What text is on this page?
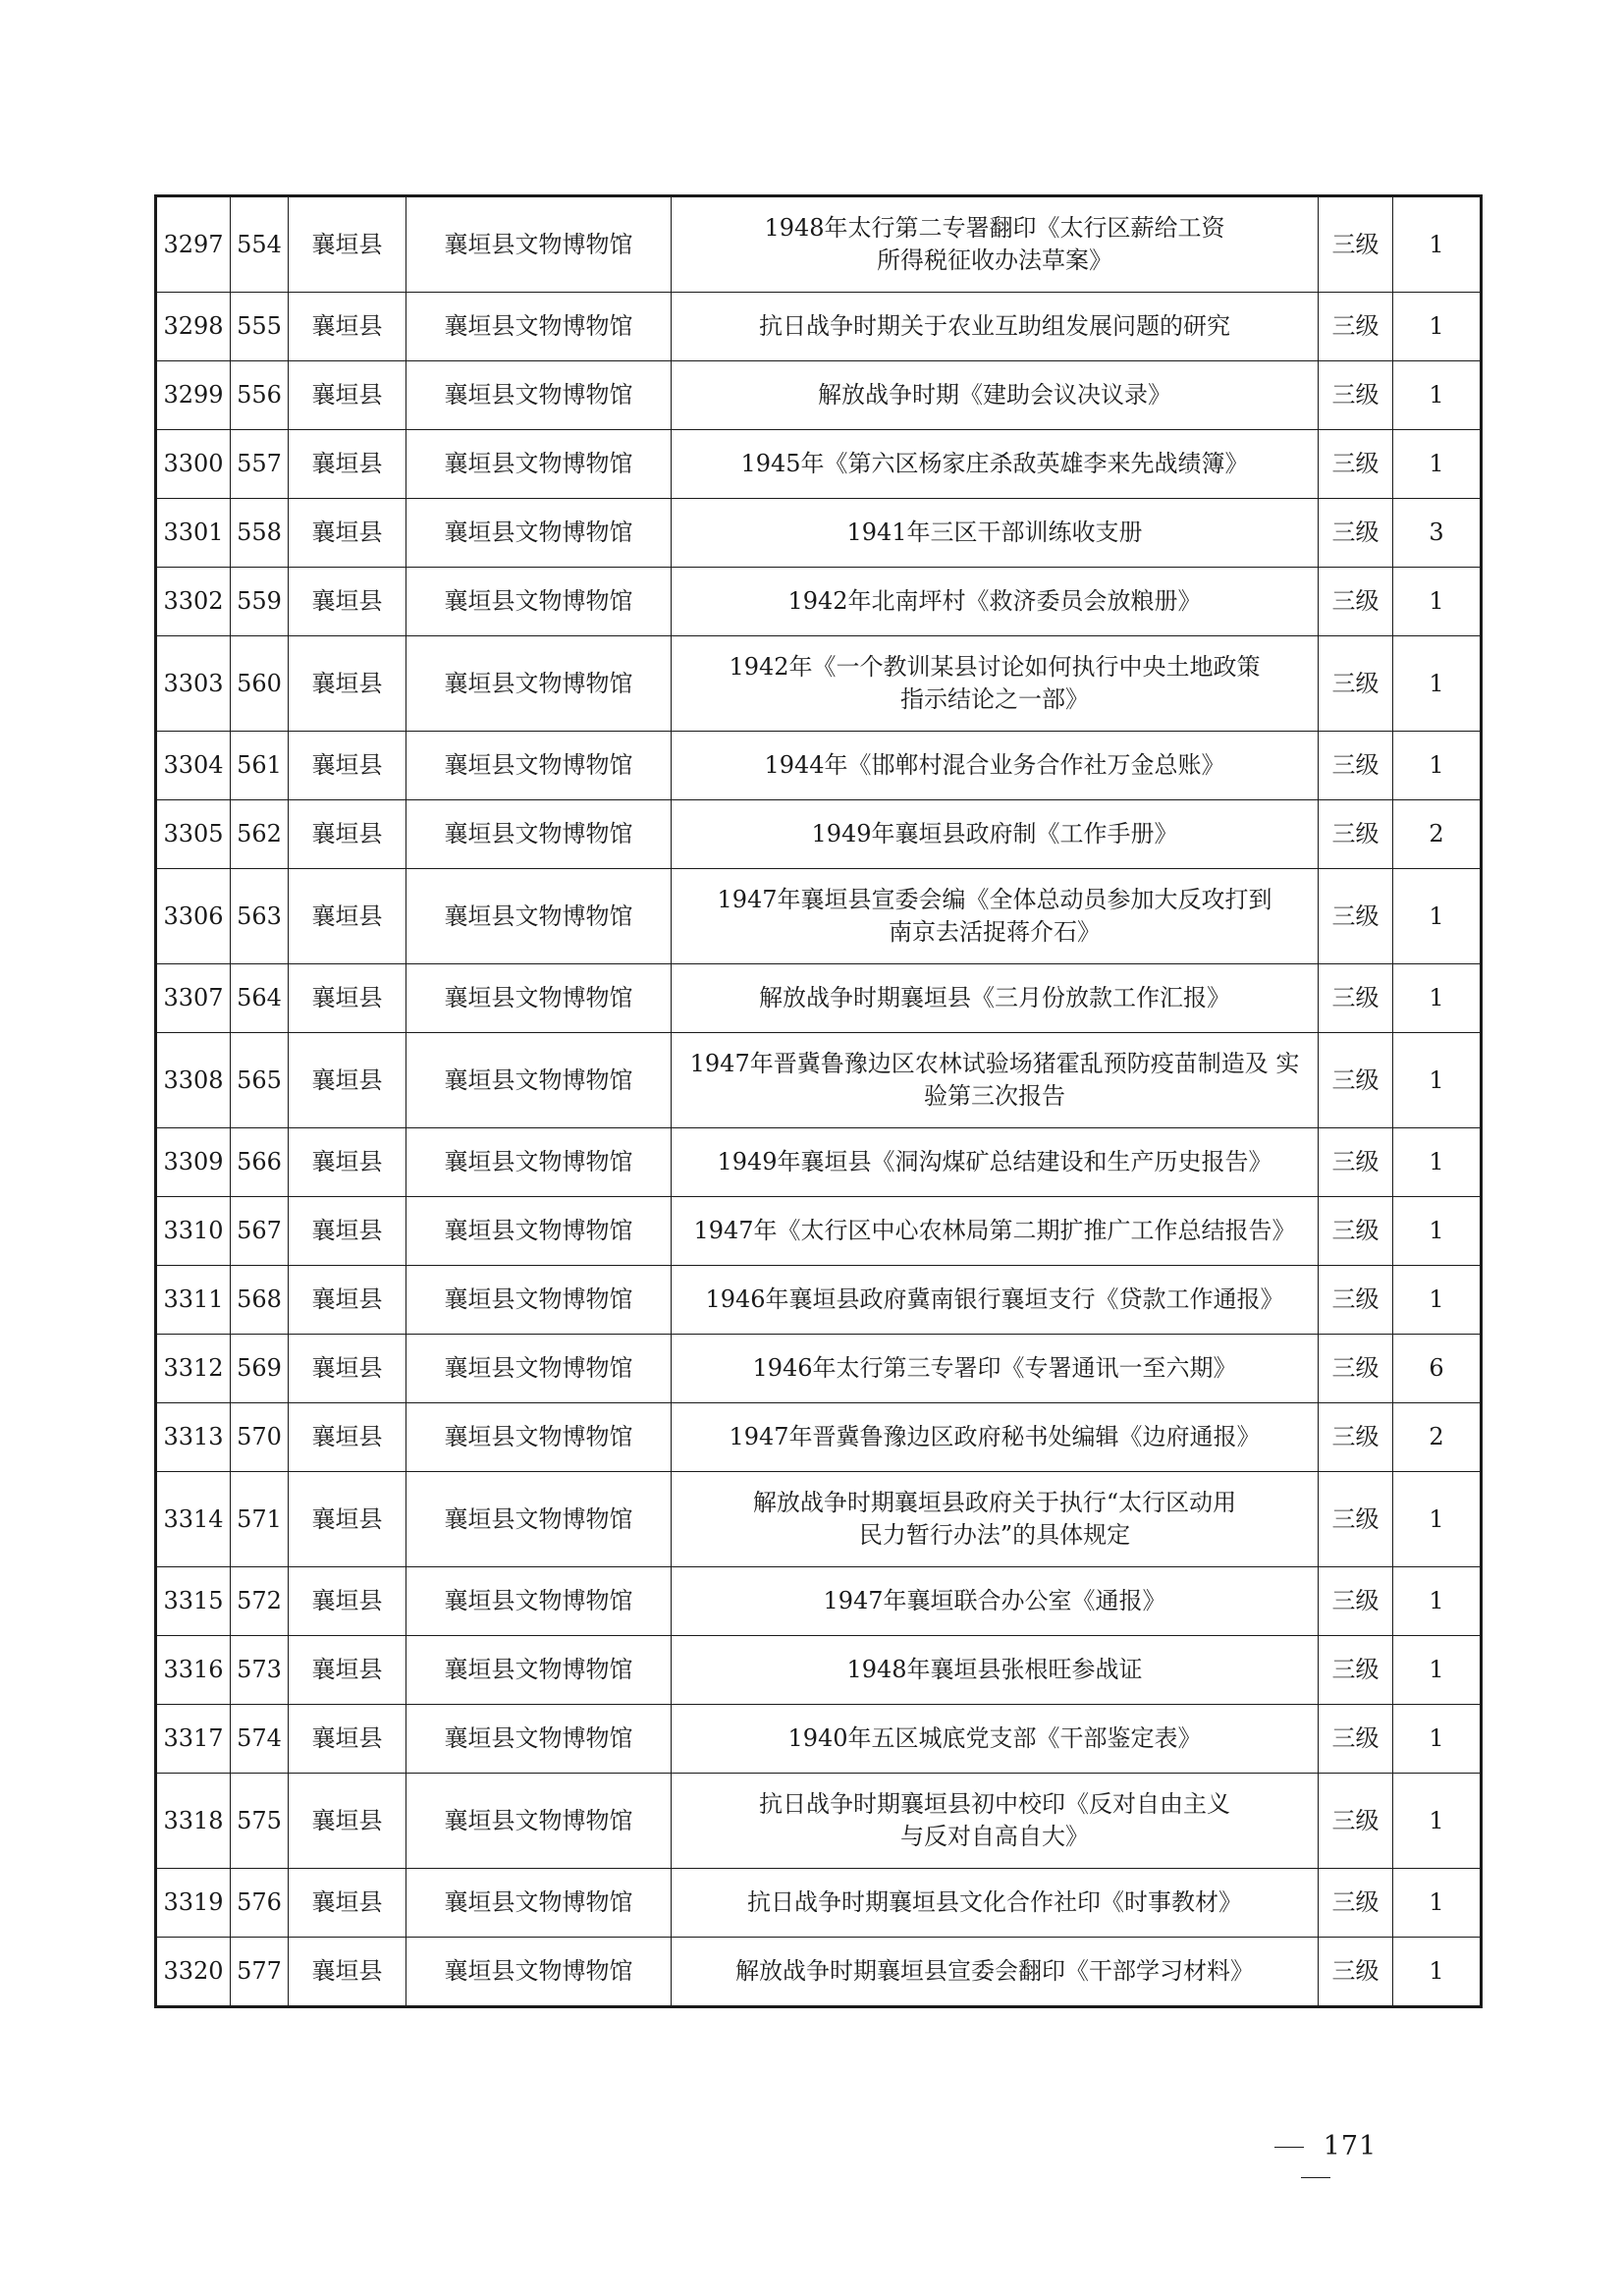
3297	554	襄垣县	襄垣县文物博物馆	1948年太行第二专署翻印《太行区薪给工资
所得税征收办法草案》	三级	1
3298	555	襄垣县	襄垣县文物博物馆	抗日战争时期关于农业互助组发展问题的研究	三级	1
3299	556	襄垣县	襄垣县文物博物馆	解放战争时期《建助会议决议录》	三级	1
3300	557	襄垣县	襄垣县文物博物馆	1945年《第六区杨家庄杀敌英雄李来先战绩簿》	三级	1
3301	558	襄垣县	襄垣县文物博物馆	1941年三区干部训练收支册	三级	3
3302	559	襄垣县	襄垣县文物博物馆	1942年北南坪村《救济委员会放粮册》	三级	1
3303	560	襄垣县	襄垣县文物博物馆	1942年《一个教训某县讨论如何执行中央土地政策
指示结论之一部》	三级	1
3304	561	襄垣县	襄垣县文物博物馆	1944年《邯郸村混合业务合作社万金总账》	三级	1
3305	562	襄垣县	襄垣县文物博物馆	1949年襄垣县政府制《工作手册》	三级	2
3306	563	襄垣县	襄垣县文物博物馆	1947年襄垣县宣委会编《全体总动员参加大反攻打到
南京去活捉蒋介石》	三级	1
3307	564	襄垣县	襄垣县文物博物馆	解放战争时期襄垣县《三月份放款工作汇报》	三级	1
3308	565	襄垣县	襄垣县文物博物馆	1947年晋冀鲁豫边区农林试验场猪霍乱预防疫苗制造及 实
验第三次报告	三级	1
3309	566	襄垣县	襄垣县文物博物馆	1949年襄垣县《洞沟煤矿总结建设和生产历史报告》	三级	1
3310	567	襄垣县	襄垣县文物博物馆	1947年《太行区中心农林局第二期扩推广工作总结报告》	三级	1
3311	568	襄垣县	襄垣县文物博物馆	1946年襄垣县政府冀南银行襄垣支行《贷款工作通报》	三级	1
3312	569	襄垣县	襄垣县文物博物馆	1946年太行第三专署印《专署通讯一至六期》	三级	6
3313	570	襄垣县	襄垣县文物博物馆	1947年晋冀鲁豫边区政府秘书处编辑《边府通报》	三级	2
3314	571	襄垣县	襄垣县文物博物馆	解放战争时期襄垣县政府关于执行“太行区动用
民力暂行办法”的具体规定	三级	1
3315	572	襄垣县	襄垣县文物博物馆	1947年襄垣联合办公室《通报》	三级	1
3316	573	襄垣县	襄垣县文物博物馆	1948年襄垣县张根旺参战证	三级	1
3317	574	襄垣县	襄垣县文物博物馆	1940年五区城底党支部《干部鉴定表》	三级	1
3318	575	襄垣县	襄垣县文物博物馆	抗日战争时期襄垣县初中校印《反对自由主义
与反对自高自大》	三级	1
3319	576	襄垣县	襄垣县文物博物馆	抗日战争时期襄垣县文化合作社印《时事教材》	三级	1
3320	577	襄垣县	襄垣县文物博物馆	解放战争时期襄垣县宣委会翻印《干部学习材料》	三级	1
171
